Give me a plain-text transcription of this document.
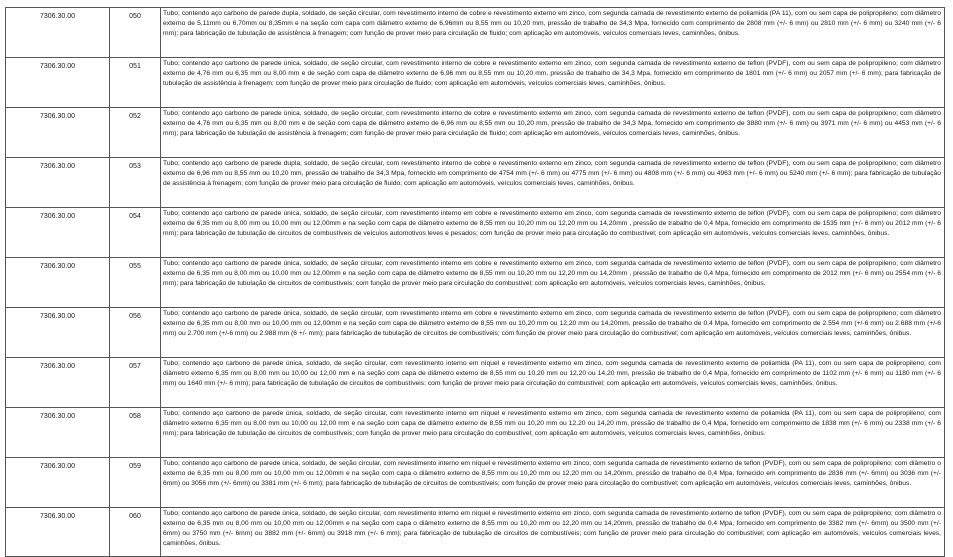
7306.30.00	050	Tubo; contendo aço carbono de parede dupla, soldado, de seção circular, com revestimento interno de cobre e revestimento externo em zinco, com segunda camada de revestimento externo de poliamida (PA 11), com ou sem capa de polipropileno; com diâmetro externo de 5,11mm ou 6,70mm ou 8,35mm e na seção com capa com diâmetro externo de 6,96mm ou 8,55 mm ou 10,20 mm, pressão de trabalho de 34,3 Mpa, fornecido com comprimento de 2808 mm (+/- 6 mm) ou 2810 mm (+/- 6 mm) ou 3240 mm (+/- 6 mm); para fabricação de tubulação de assistência à frenagem; com função de prover meio para circulação de fluido; com aplicação em automóveis, veículos comerciais leves, caminhões, ônibus.

7306.30.00	051	Tubo; contendo aço carbono de parede única, soldado, de seção circular, com revestimento interno de cobre e revestimento externo em zinco, com segunda camada de revestimento externo de teflon (PVDF), com ou sem capa de polipropileno; com diâmetro externo de 4,76 mm ou 6,35 mm ou 8,00 mm e de seção com capa de diâmetro externo de 6,96 mm ou 8,55 mm ou 10,20 mm, pressão de trabalho de 34,3 Mpa, fornecido em comprimento de 1801 mm (+/- 6 mm) ou 2057 mm (+/- 6 mm); para fabricação de tubulação de assistência à frenagem; com função de prover meio para circulação de fluido; com aplicação em automóveis, veículos comerciais leves, caminhões, ônibus.

7306.30.00	052	Tubo; contendo aço carbono de parede única, soldado, de seção circular, com revestimento interno de cobre e revestimento externo em zinco, com segunda camada de revestimento externo de teflon (PVDF), com ou sem capa de polipropileno; com diâmetro externo de 4,76 mm ou 6,35 mm ou 8,00 mm e de seção com capa de diâmetro externo de 6,96 mm ou 8,55 mm ou 10,20 mm, pressão de trabalho de 34,3 Mpa, fornecido em comprimento de 3880 mm (+/- 6 mm) ou 3971 mm (+/- 6 mm) ou 4453 mm (+/- 6 mm); para fabricação de tubulação de assistência à frenagem; com função de prover meio para circulação de fluido; com aplicação em automóveis, veículos comerciais leves, caminhões, ônibus.

7306.30.00	053	Tubo; contendo aço carbono de parede dupla, soldado, de seção circular, com revestimento interno de cobre e revestimento externo em zinco, com segunda camada de revestimento externo de teflon (PVDF), com ou sem capa de polipropileno; com diâmetro externo de 6,96 mm ou 8,55 mm ou 10,20 mm, pressão de trabalho de 34,3 Mpa, fornecido em comprimento de 4754 mm (+/- 6 mm) ou 4775 mm (+/- 6 mm) ou 4808 mm (+/- 6 mm) ou 4963 mm (+/- 6 mm) ou 5240 mm (+/- 6 mm); para fabricação de tubulação de assistência à frenagem; com função de prover meio para circulação de fluido; com aplicação em automóveis, veículos comerciais leves, caminhões, ônibus.

7306.30.00	054	Tubo; contendo aço carbono de parede única, soldado, de seção circular, com revestimento interno em cobre e revestimento externo em zinco, com segunda camada de revestimento externo de teflon (PVDF), com ou sem capa de polipropileno; com diâmetro externo de 6,35 mm ou 8,00 mm ou 10,00 mm ou 12,00mm e na seção com capa de diâmetro externo de 8,55 mm ou 10,20 mm ou 12,20 mm ou 14,20mm , pressão de trabalho de 0,4 Mpa, fornecido em comprimento de 1535 mm (+/- 6 mm) ou 2012 mm (+/- 6 mm); para fabricação de tubulação de circuitos de combustíveis de veículos automotivos leves e pesados; com função de prover meio para circulação do combustível; com aplicação em automóveis, veículos comerciais leves, caminhões, ônibus.

7306.30.00	055	Tubo; contendo aço carbono de parede única, soldado, de seção circular, com revestimento interno em cobre e revestimento externo em zinco, com segunda camada de revestimento externo de teflon (PVDF), com ou sem capa de polipropileno; com diâmetro externo de 6,35 mm ou 8,00 mm ou 10,00 mm ou 12,00mm e na seção com capa de diâmetro externo de 8,55 mm ou 10,20 mm ou 12,20 mm ou 14,20mm , pressão de trabalho de 0,4 Mpa, fornecido em comprimento de 2012 mm (+/- 6 mm) ou 2554 mm (+/- 6 mm); para fabricação de tubulação de circuitos de combustíveis; com função de prover meio para circulação do combustível; com aplicação em automóveis, veículos comerciais leves, caminhões, ônibus.

7306.30.00	056	Tubo; contendo aço carbono de parede única, soldado, de seção circular, com revestimento interno em cobre e revestimento externo em zinco, com segunda camada de revestimento externo de teflon (PVDF), com ou sem capa de polipropileno; com diâmetro externo de 6,35 mm ou 8,00 mm ou 10,00 mm ou 12,00mm e na seção com capa de diâmetro externo de 8,55 mm ou 10,20 mm ou 12,20 mm ou 14,20mm, pressão de trabalho de 0,4 Mpa, fornecido em comprimento de 2.554 mm (+/-6 mm) ou 2.688 mm (+/-6 mm) ou 2.700 mm (+/-6 mm) ou 2.988 mm (6 +/- mm); para fabricação de tubulação de circuitos de combustíveis; com função de prover meio para circulação do combustível; com aplicação em automóveis, veículos comerciais leves, caminhões, ônibus.

7306.30.00	057	Tubo; contendo aço carbono de parede única, soldado, de seção circular, com revestimento interno em níquel e revestimento externo em zinco, com segunda camada de revestimento externo de poliamida (PA 11), com ou sem capa de polipropileno; com diâmetro externo 6,35 mm ou 8,00 mm ou 10,00 ou 12,00 mm e na seção com capa de diâmetro externo de 8,55 mm ou 10,20 mm ou 12,20 ou 14,20 mm, pressão de trabalho de 0,4 Mpa, fornecido em comprimento de 1102 mm (+/- 6 mm) ou 1180 mm (+/- 6 mm) ou 1640 mm (+/- 6 mm); para fabricação de tubulação de circuitos de combustíveis; com função de prover meio para circulação do combustível; com aplicação em automóveis, veículos comerciais leves, caminhões, ônibus.

7306.30.00	058	Tubo; contendo aço carbono de parede única, soldado, de seção circular, com revestimento interno em níquel e revestimento externo em zinco, com segunda camada de revestimento externo de poliamida (PA 11), com ou sem capa de polipropileno; com diâmetro externo 6,35 mm ou 8,00 mm ou 10,00 ou 12,00 mm e na seção com capa de diâmetro externo de 8,55 mm ou 10,20 mm ou 12,20 ou 14,20 mm, pressão de trabalho de 0,4 Mpa, fornecido em comprimento de 1838 mm (+/- 6 mm) ou 2338 mm (+/- 6 mm); para fabricação de tubulação de circuitos de combustíveis; com função de prover meio para circulação do combustível; com aplicação em automóveis, veículos comerciais leves, caminhões, ônibus.

7306.30.00	059	Tubo; contendo aço carbono de parede única, soldado, de seção circular, com revestimento interno em níquel e revestimento externo em zinco, com segunda camada de revestimento externo de teflon (PVDF), com ou sem capa de polipropileno; com diâmetro o externo de 6,35 mm ou 8,00 mm ou 10,00 mm ou 12,00mm e na seção com capa o diâmetro externo de 8,55 mm ou 10,20 mm ou 12,20 mm ou 14,20mm, pressão de trabalho de 0,4 Mpa, fornecido em comprimento de 2836 mm (+/- 6mm) ou 3036 mm (+/- 6mm) ou 3056 mm (+/- 6mm) ou 3381 mm (+/- 6 mm); para fabricação de tubulação de circuitos de combustíveis; com função de prover meio para circulação do combustível; com aplicação em automóveis, veículos comerciais leves, caminhões, ônibus.

7306.30.00	060	Tubo; contendo aço carbono de parede única, soldado, de seção circular, com revestimento interno em níquel e revestimento externo em zinco, com segunda camada de revestimento externo de teflon (PVDF), com ou sem capa de polipropileno; com diâmetro o externo de 6,35 mm ou 8,00 mm ou 10,00 mm ou 12,00mm e na seção com capa o diâmetro externo de 8,55 mm ou 10,20 mm ou 12,20 mm ou 14,20mm, pressão de trabalho de 0,4 Mpa, fornecido em comprimento de 3382 mm (+/- 6mm) ou 3500 mm (+/- 6mm) ou 3750 mm (+/- 6mm) ou 3882 mm (+/- 6mm) ou 3918 mm (+/- 6 mm); para fabricação de tubulação de circuitos de combustíveis; com função de prover meio para circulação do combustível; com aplicação em automóveis, veículos comerciais leves, caminhões, ônibus.
